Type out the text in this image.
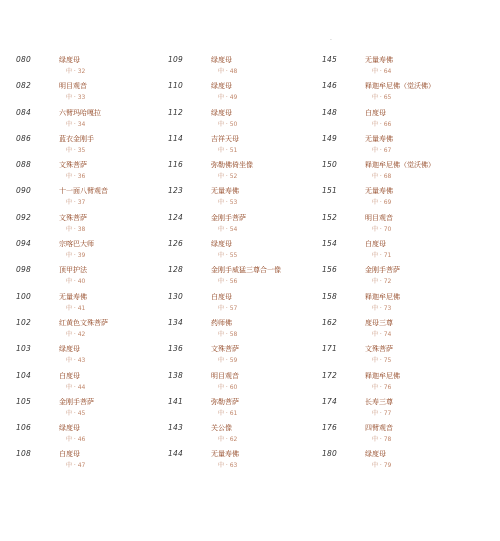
·
080	绿度母
中 · 32
082	明目观音
中 · 33
084	六臂玛哈嘎拉
中 · 34
086	蓝衣金刚手
中 · 35
088	文殊菩萨
中 · 36
090	十一面八臂观音
中 · 37
092	文殊菩萨
中 · 38
094	宗喀巴大师
中 · 39
098	顶甲护法
中 · 40
100	无量寿佛
中 · 41
102	红黄色文殊菩萨
中 · 42
103	绿度母
中 · 43
104	白度母
中 · 44
105	金刚手菩萨
中 · 45
106	绿度母
中 · 46
108	白度母
中 · 47
109	绿度母
中 · 48
110	绿度母
中 · 49
112	绿度母
中 · 50
114	吉祥天母
中 · 51
116	弥勒佛倚坐像
中 · 52
123	无量寿佛
中 · 53
124	金刚手菩萨
中 · 54
126	绿度母
中 · 55
128	金刚手威猛三尊合一像
中 · 56
130	白度母
中 · 57
134	药师佛
中 · 58
136	文殊菩萨
中 · 59
138	明目观音
中 · 60
141	弥勒菩萨
中 · 61
143	关公像
中 · 62
144	无量寿佛
中 · 63
145	无量寿佛
中 · 64
146	释迦牟尼佛（觉沃佛）
中 · 65
148	白度母
中 · 66
149	无量寿佛
中 · 67
150	释迦牟尼佛（觉沃佛）
中 · 68
151	无量寿佛
中 · 69
152	明目观音
中 · 70
154	白度母
中 · 71
156	金刚手菩萨
中 · 72
158	释迦牟尼佛
中 · 73
162	度母三尊
中 · 74
171	文殊菩萨
中 · 75
172	释迦牟尼佛
中 · 76
174	长寿三尊
中 · 77
176	四臂观音
中 · 78
180	绿度母
中 · 79
